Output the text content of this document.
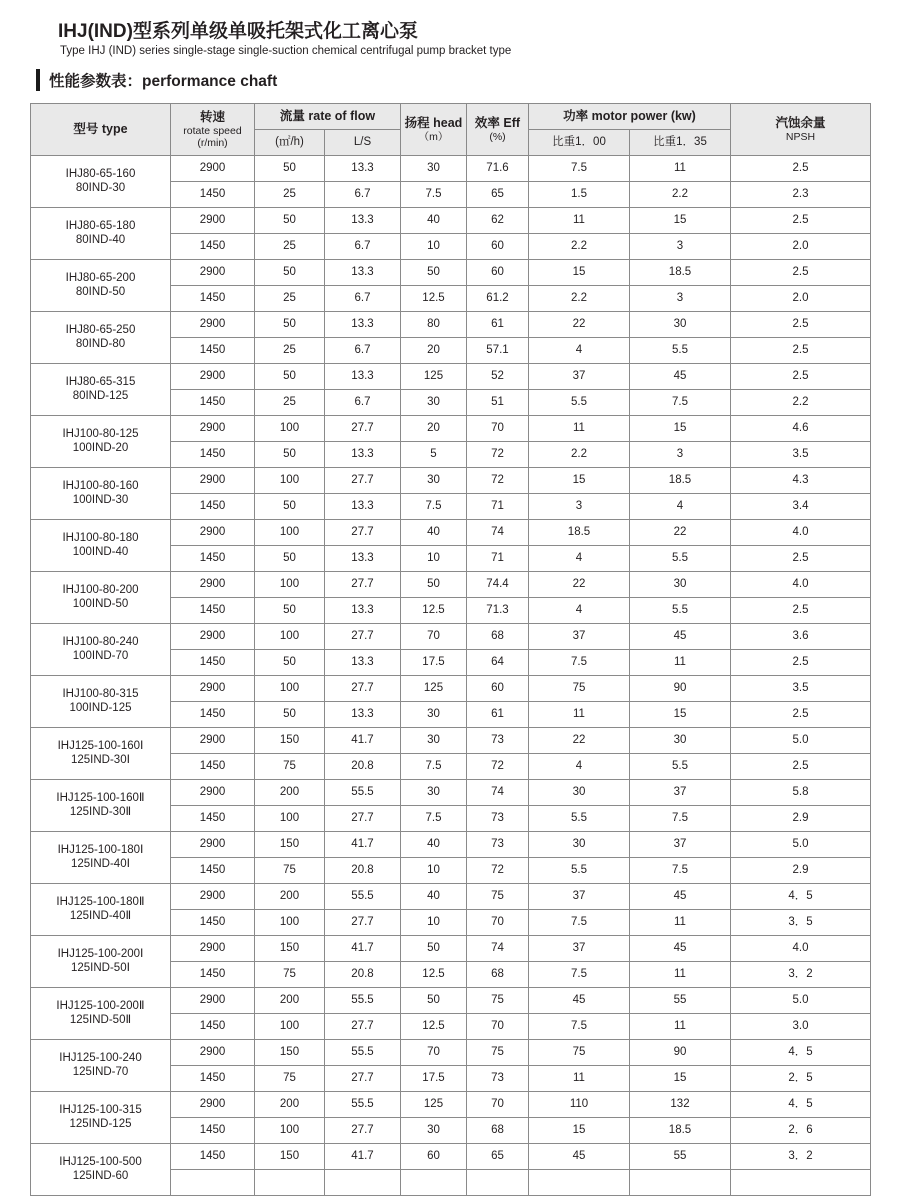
IHJ(IND)型系列单级单吸托架式化工离心泵
Type IHJ (IND) series single-stage single-suction chemical centrifugal pump bracket type
性能参数表：performance chaft
型号 type	转速
rotate speed
(r/min)	流量 rate of flow		扬程 head
（m）	效率 Eff
(%)	功率 motor power (kw)		汽蚀余量
NPSH

		(㎡/h)	L/S			比重1．00	比重1．35	

IHJ80-65-160
80IND-30	2900	50	13.3	30	71.6	7.5	11	2.5
	1450	25	6.7	7.5	65	1.5	2.2	2.3

IHJ80-65-180
80IND-40	2900	50	13.3	40	62	11	15	2.5
	1450	25	6.7	10	60	2.2	3	2.0

IHJ80-65-200
80IND-50	2900	50	13.3	50	60	15	18.5	2.5
	1450	25	6.7	12.5	61.2	2.2	3	2.0

IHJ80-65-250
80IND-80	2900	50	13.3	80	61	22	30	2.5
	1450	25	6.7	20	57.1	4	5.5	2.5

IHJ80-65-315
80IND-125	2900	50	13.3	125	52	37	45	2.5
	1450	25	6.7	30	51	5.5	7.5	2.2

IHJ100-80-125
100IND-20	2900	100	27.7	20	70	11	15	4.6
	1450	50	13.3	5	72	2.2	3	3.5

IHJ100-80-160
100IND-30	2900	100	27.7	30	72	15	18.5	4.3
	1450	50	13.3	7.5	71	3	4	3.4

IHJ100-80-180
100IND-40	2900	100	27.7	40	74	18.5	22	4.0
	1450	50	13.3	10	71	4	5.5	2.5

IHJ100-80-200
100IND-50	2900	100	27.7	50	74.4	22	30	4.0
	1450	50	13.3	12.5	71.3	4	5.5	2.5

IHJ100-80-240
100IND-70	2900	100	27.7	70	68	37	45	3.6
	1450	50	13.3	17.5	64	7.5	11	2.5

IHJ100-80-315
100IND-125	2900	100	27.7	125	60	75	90	3.5
	1450	50	13.3	30	61	11	15	2.5

IHJ125-100-160Ⅰ
125IND-30Ⅰ	2900	150	41.7	30	73	22	30	5.0
	1450	75	20.8	7.5	72	4	5.5	2.5

IHJ125-100-160Ⅱ
125IND-30Ⅱ	2900	200	55.5	30	74	30	37	5.8
	1450	100	27.7	7.5	73	5.5	7.5	2.9

IHJ125-100-180Ⅰ
125IND-40Ⅰ	2900	150	41.7	40	73	30	37	5.0
	1450	75	20.8	10	72	5.5	7.5	2.9

IHJ125-100-180Ⅱ
125IND-40Ⅱ	2900	200	55.5	40	75	37	45	4．5
	1450	100	27.7	10	70	7.5	11	3．5

IHJ125-100-200Ⅰ
125IND-50Ⅰ	2900	150	41.7	50	74	37	45	4.0
	1450	75	20.8	12.5	68	7.5	11	3．2

IHJ125-100-200Ⅱ
125IND-50Ⅱ	2900	200	55.5	50	75	45	55	5.0
	1450	100	27.7	12.5	70	7.5	11	3.0

IHJ125-100-240
125IND-70	2900	150	55.5	70	75	75	90	4．5
	1450	75	27.7	17.5	73	11	15	2．5

IHJ125-100-315
125IND-125	2900	200	55.5	125	70	110	132	4．5
	1450	100	27.7	30	68	15	18.5	2．6

IHJ125-100-500
125IND-60	1450	150	41.7	60	65	45	55	3．2
